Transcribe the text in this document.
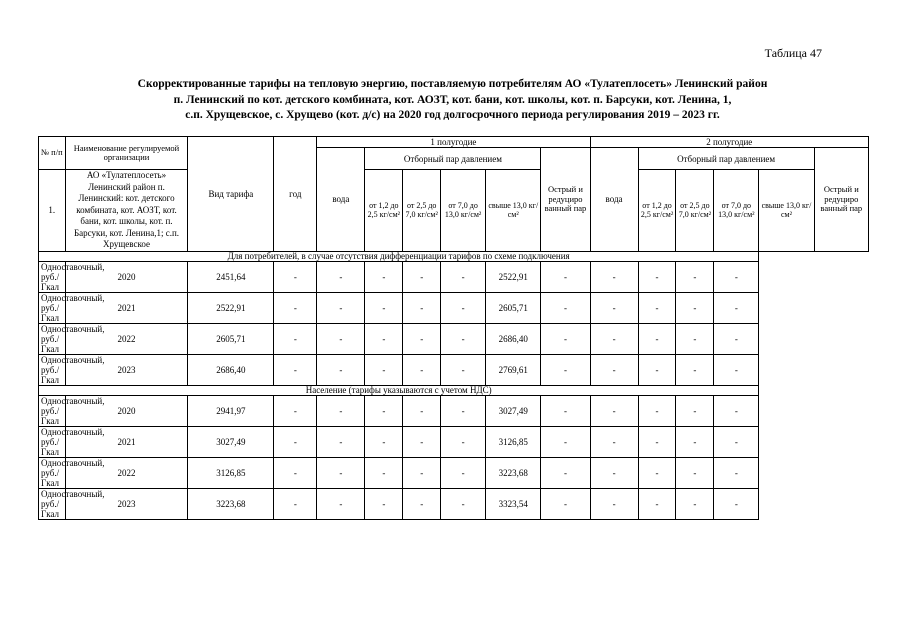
Таблица 47
Скорректированные тарифы на тепловую энергию, поставляемую потребителям АО «Тулатеплосеть» Ленинский район
п. Ленинский по кот. детского комбината, кот. АОЗТ, кот. бани, кот. школы, кот. п. Барсуки, кот. Ленина, 1,
с.п. Хрущевское, с. Хрущево (кот. д/с) на 2020 год долгосрочного периода регулирования 2019 – 2023 гг.
№ п/п	Наименование регулируемой организации	Вид тарифа	год	1 полугодие						2 полугодие					
				вода	Отборный пар давлением				Острый и редуциро ванный пар	вода	Отборный пар давлением				Острый и редуциро ванный пар
1.	АО «Тулатеплосеть» Ленинский район п. Ленинский: кот. детского комбината, кот. АОЗТ, кот. бани, кот. школы, кот. п. Барсуки, кот. Ленина,1; с.п. Хрущевское				от 1,2 до 2,5 кг/см²	от 2,5 до 7,0 кг/см²	от 7,0 до 13,0 кг/см²	свыше 13,0 кг/см²			от 1,2 до 2,5 кг/см²	от 2,5 до 7,0 кг/см²	от 7,0 до 13,0 кг/см²	свыше 13,0 кг/см²	

Для потребителей, в случае отсутствия дифференциации тарифов по схеме подключения															
Одноставочный, руб./Гкал	2020	2451,64	-	-	-	-	-	2522,91	-	-	-	-	-		
Одноставочный, руб./Гкал	2021	2522,91	-	-	-	-	-	2605,71	-	-	-	-	-		
Одноставочный, руб./Гкал	2022	2605,71	-	-	-	-	-	2686,40	-	-	-	-	-		
Одноставочный, руб./Гкал	2023	2686,40	-	-	-	-	-	2769,61	-	-	-	-	-		
Население (тарифы указываются с учетом НДС)															
Одноставочный, руб./Гкал	2020	2941,97	-	-	-	-	-	3027,49	-	-	-	-	-		
Одноставочный, руб./Гкал	2021	3027,49	-	-	-	-	-	3126,85	-	-	-	-	-		
Одноставочный, руб./Гкал	2022	3126,85	-	-	-	-	-	3223,68	-	-	-	-	-		
Одноставочный, руб./Гкал	2023	3223,68	-	-	-	-	-	3323,54	-	-	-	-	-		
